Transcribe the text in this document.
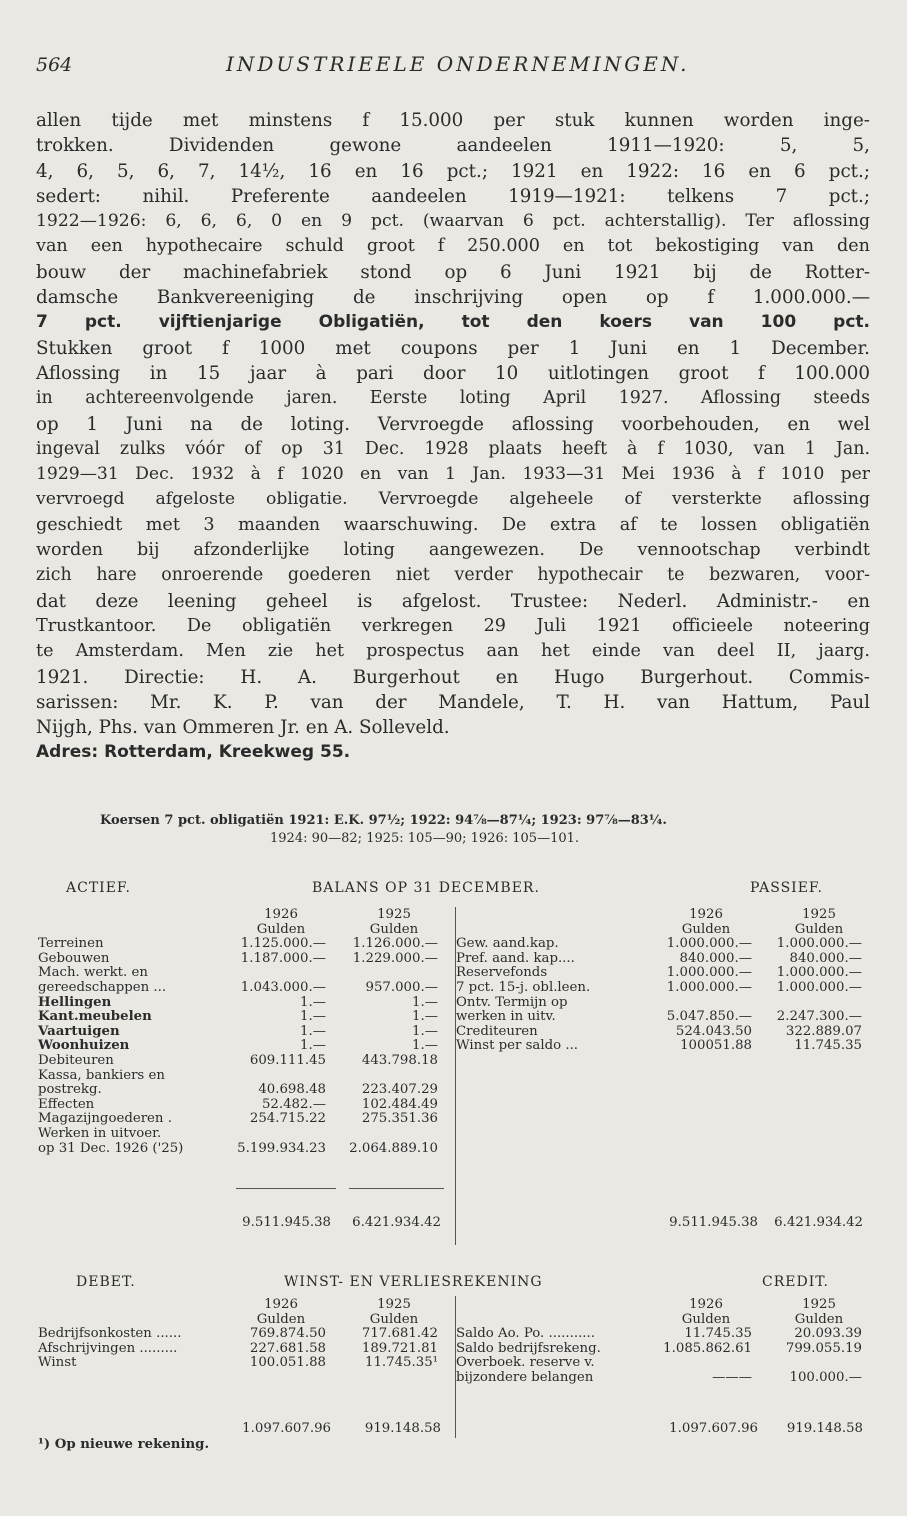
564	INDUSTRIEELE ONDERNEMINGEN.
allen tijde met minstens f 15.000 per stuk kunnen worden inge-
trokken. Dividenden gewone aandeelen 1911—1920: 5, 5,
4, 6, 5, 6, 7, 14½, 16 en 16 pct.; 1921 en 1922: 16 en 6 pct.;
sedert: nihil. Preferente aandeelen 1919—1921: telkens 7 pct.;
1922—1926: 6, 6, 6, 0 en 9 pct. (waarvan 6 pct. achterstallig). Ter aflossing
van een hypothecaire schuld groot f 250.000 en tot bekostiging van den
bouw der machinefabriek stond op 6 Juni 1921 bij de Rotter-
damsche Bankvereeniging de inschrijving open op f 1.000.000.—
7 pct. vijftienjarige Obligatiën, tot den koers van 100 pct.
Stukken groot f 1000 met coupons per 1 Juni en 1 December.
Aflossing in 15 jaar à pari door 10 uitlotingen groot f 100.000
in achtereenvolgende jaren. Eerste loting April 1927. Aflossing steeds
op 1 Juni na de loting. Vervroegde aflossing voorbehouden, en wel
ingeval zulks vóór of op 31 Dec. 1928 plaats heeft à f 1030, van 1 Jan.
1929—31 Dec. 1932 à f 1020 en van 1 Jan. 1933—31 Mei 1936 à f 1010 per
vervroegd afgeloste obligatie. Vervroegde algeheele of versterkte aflossing
geschiedt met 3 maanden waarschuwing. De extra af te lossen obligatiën
worden bij afzonderlijke loting aangewezen. De vennootschap verbindt
zich hare onroerende goederen niet verder hypothecair te bezwaren, voor-
dat deze leening geheel is afgelost. Trustee: Nederl. Administr.- en
Trustkantoor. De obligatiën verkregen 29 Juli 1921 officieele noteering
te Amsterdam. Men zie het prospectus aan het einde van deel II, jaarg.
1921. Directie: H. A. Burgerhout en Hugo Burgerhout. Commis-
sarissen: Mr. K. P. van der Mandele, T. H. van Hattum, Paul
Nijgh, Phs. van Ommeren Jr. en A. Solleveld.
Adres: Rotterdam, Kreekweg 55.
Koersen 7 pct. obligatiën 1921: E.K. 97½; 1922: 94⅞—87¼; 1923: 97⅞—83¼.
1924: 90—82; 1925: 105—90; 1926: 105—101.
ACTIEF.	BALANS OP 31 DECEMBER.	PASSIEF.
1926	1925
Gulden	Gulden
Terreinen	1.125.000.—	1.126.000.—
Gebouwen	1.187.000.—	1.229.000.—
Mach. werkt. en
gereedschappen ...	1.043.000.—	957.000.—
Hellingen	1.—	1.—
Kant.meubelen	1.—	1.—
Vaartuigen	1.—	1.—
Woonhuizen	1.—	1.—
Debiteuren	609.111.45	443.798.18
Kassa, bankiers en
postrekg.	40.698.48	223.407.29
Effecten	52.482.—	102.484.49
Magazijngoederen .	254.715.22	275.351.36
Werken in uitvoer.
op 31 Dec. 1926 ('25)	5.199.934.23	2.064.889.10
9.511.945.38	6.421.934.42
1926	1925
Gulden	Gulden
Gew. aand.kap.	1.000.000.—	1.000.000.—
Pref. aand. kap....	840.000.—	840.000.—
Reservefonds	1.000.000.—	1.000.000.—
7 pct. 15-j. obl.leen.	1.000.000.—	1.000.000.—
Ontv. Termijn op
werken in uitv.	5.047.850.—	2.247.300.—
Crediteuren	524.043.50	322.889.07
Winst per saldo ...	100051.88	11.745.35
9.511.945.38	6.421.934.42
DEBET.	WINST- EN VERLIESREKENING	CREDIT.
1926	1925
Gulden	Gulden
Bedrijfsonkosten ......	769.874.50	717.681.42
Afschrijvingen .........	227.681.58	189.721.81
Winst	100.051.88	11.745.35¹
1.097.607.96	919.148.58
¹) Op nieuwe rekening.
1926	1925
Gulden	Gulden
Saldo Ao. Po. ...........	11.745.35	20.093.39
Saldo bedrijfsrekeng.	1.085.862.61	799.055.19
Overboek. reserve v.
bijzondere belangen	———	100.000.—
1.097.607.96	919.148.58
